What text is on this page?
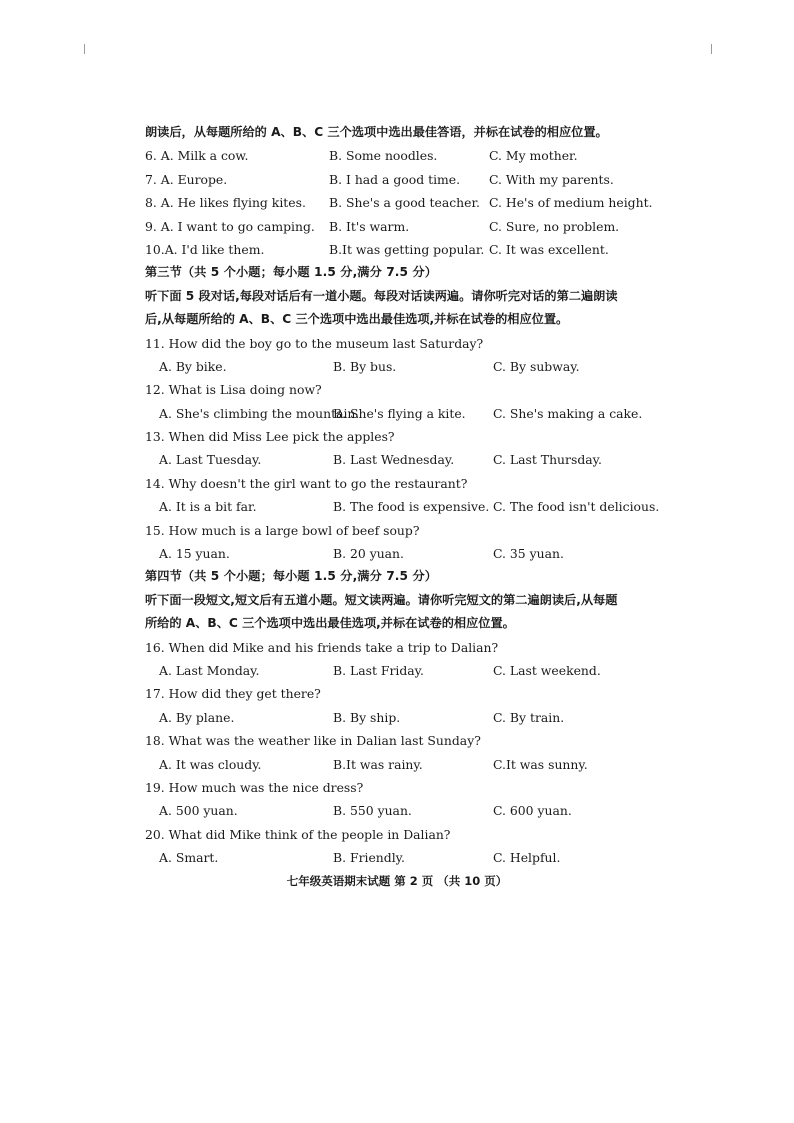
朗读后，从每题所给的 A、B、C 三个选项中选出最佳答语，并标在试卷的相应位置。
6. A. Milk a cow.	B. Some noodles.	C. My mother.
7. A. Europe.	B. I had a good time. C. With my parents.
8. A. He likes flying kites. B. She's a good teacher. C. He's of medium height.
9. A. I want to go camping. B. It's warm.	C. Sure, no problem.
10.A. I'd like them.	B.It was getting popular. C. It was excellent.
第三节（共 5 个小题；每小题 1.5 分,满分 7.5 分）
听下面 5 段对话,每段对话后有一道小题。每段对话读两遍。请你听完对话的第二遍朗读
后,从每题所给的 A、B、C 三个选项中选出最佳选项,并标在试卷的相应位置。
11. How did the boy go to the museum last Saturday?
A. By bike.	B. By bus.	C. By subway.
12. What is Lisa doing now?
A. She's climbing the mountain.
B. She's flying a kite. C. She's making a cake.
13. When did Miss Lee pick the apples?
A. Last Tuesday.	B. Last Wednesday.	C. Last Thursday.
14. Why doesn't the girl want to go the restaurant?
A. It is a bit far.	B. The food is expensive. C. The food isn't delicious.
15. How much is a large bowl of beef soup?
A. 15 yuan.	B. 20 yuan.	C. 35 yuan.
第四节（共 5 个小题；每小题 1.5 分,满分 7.5 分）
听下面一段短文,短文后有五道小题。短文读两遍。请你听完短文的第二遍朗读后,从每题
所给的 A、B、C 三个选项中选出最佳选项,并标在试卷的相应位置。
16. When did Mike and his friends take a trip to Dalian?
A. Last Monday.	B. Last Friday.	C. Last weekend.
17. How did they get there?
A. By plane.	B. By ship.	C. By train.
18. What was the weather like in Dalian last Sunday?
A. It was cloudy.	B.It was rainy.	C.It was sunny.
19. How much was the nice dress?
A. 500 yuan.	B. 550 yuan.	C. 600 yuan.
20. What did Mike think of the people in Dalian?
A. Smart.	B. Friendly.	C. Helpful.
七年级英语期末试题 第 2 页 （共 10 页）
